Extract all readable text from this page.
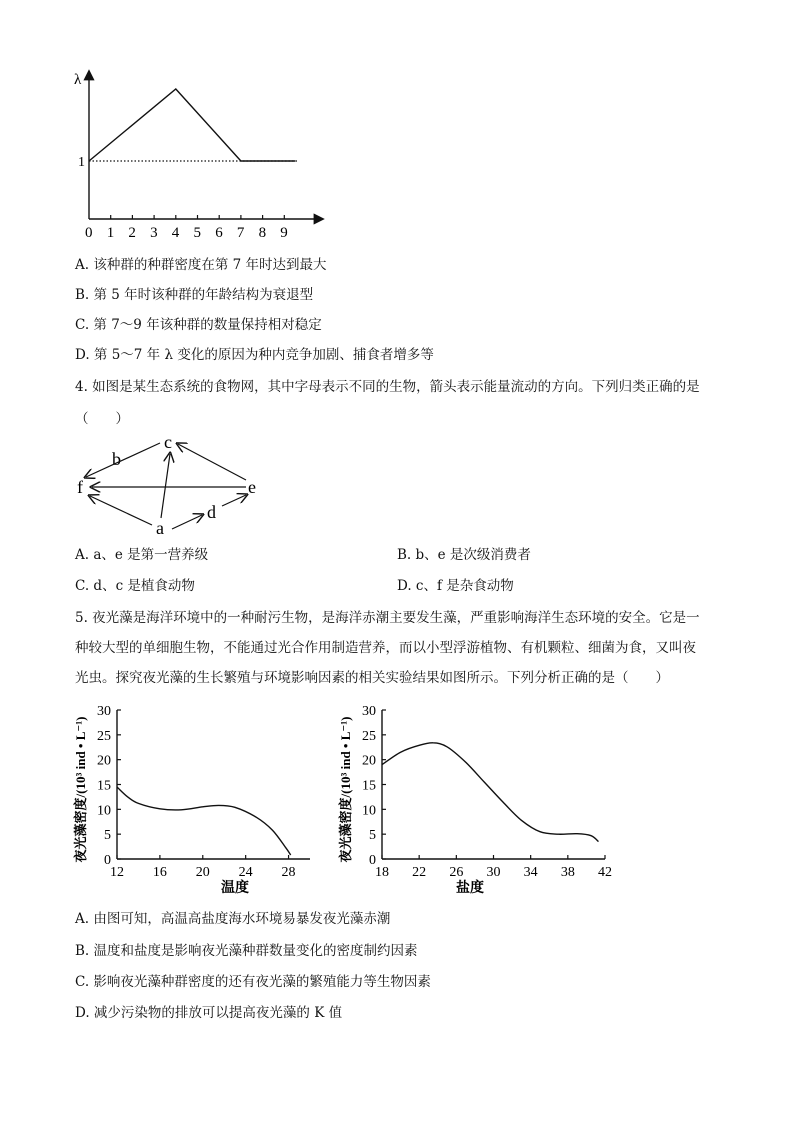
λ
1
0 1 2 3 4 5 6 7 8 9
A. 该种群的种群密度在第 7 年时达到最大
B. 第 5 年时该种群的年龄结构为衰退型
C. 第 7～9 年该种群的数量保持相对稳定
D. 第 5～7 年 λ 变化的原因为种内竞争加剧、捕食者增多等
4. 如图是某生态系统的食物网，其中字母表示不同的生物，箭头表示能量流动的方向。下列归类正确的是
（　　）
c
b
f	e
d
a
A. a、e 是第一营养级	B. b、e 是次级消费者
C. d、c 是植食动物	D. c、f 是杂食动物
5. 夜光藻是海洋环境中的一种耐污生物，是海洋赤潮主要发生藻，严重影响海洋生态环境的安全。它是一
种较大型的单细胞生物，不能通过光合作用制造营养，而以小型浮游植物、有机颗粒、细菌为食，又叫夜
光虫。探究夜光藻的生长繁殖与环境影响因素的相关实验结果如图所示。下列分析正确的是（　　）
0
5
10
15
20
25
30
12 16 20 24 28
温度
夜光藻密度/(10³ ind • L⁻¹)	0
5
10
15
20
25
30
18 22 26 30 34 38 42
盐度
夜光藻密度/(10³ ind • L⁻¹)
A. 由图可知，高温高盐度海水环境易暴发夜光藻赤潮
B. 温度和盐度是影响夜光藻种群数量变化的密度制约因素
C. 影响夜光藻种群密度的还有夜光藻的繁殖能力等生物因素
D. 减少污染物的排放可以提高夜光藻的 K 值
